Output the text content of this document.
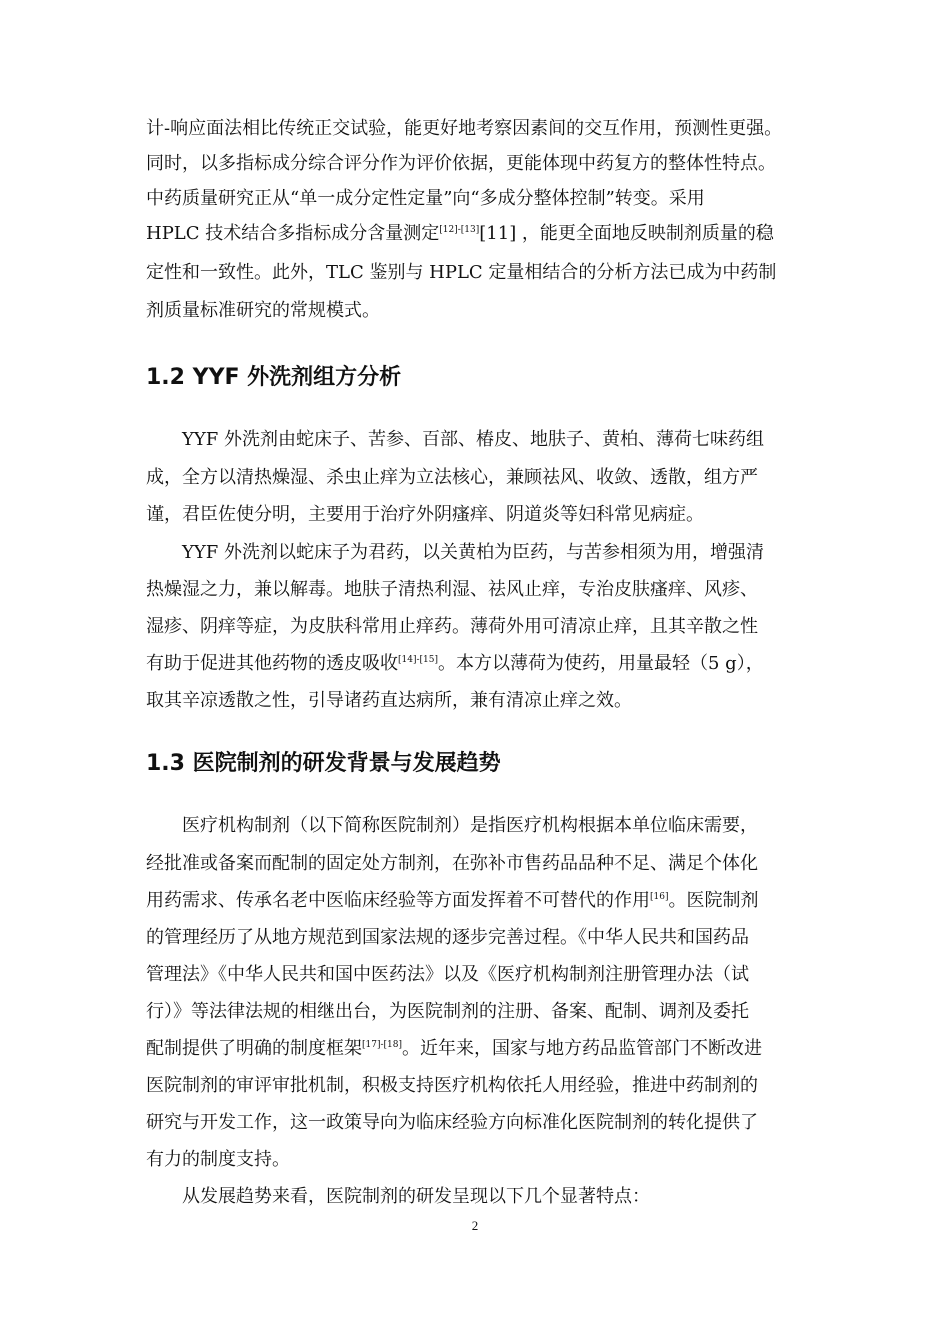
计-响应面法相比传统正交试验，能更好地考察因素间的交互作用，预测性更强。
同时，以多指标成分综合评分作为评价依据，更能体现中药复方的整体性特点。
中药质量研究正从“单一成分定性定量”向“多成分整体控制”转变。采用
HPLC 技术结合多指标成分含量测定[12]-[13][11] ，能更全面地反映制剂质量的稳
定性和一致性。此外，TLC 鉴别与 HPLC 定量相结合的分析方法已成为中药制
剂质量标准研究的常规模式。
1.2 YYF 外洗剂组方分析
YYF 外洗剂由蛇床子、苦参、百部、椿皮、地肤子、黄柏、薄荷七味药组
成，全方以清热燥湿、杀虫止痒为立法核心，兼顾祛风、收敛、透散，组方严
谨，君臣佐使分明，主要用于治疗外阴瘙痒、阴道炎等妇科常见病症。
YYF 外洗剂以蛇床子为君药，以关黄柏为臣药，与苦参相须为用，增强清
热燥湿之力，兼以解毒。地肤子清热利湿、祛风止痒，专治皮肤瘙痒、风疹、
湿疹、阴痒等症，为皮肤科常用止痒药。薄荷外用可清凉止痒，且其辛散之性
有助于促进其他药物的透皮吸收[14]-[15]。本方以薄荷为使药，用量最轻（5 g），
取其辛凉透散之性，引导诸药直达病所，兼有清凉止痒之效。
1.3 医院制剂的研发背景与发展趋势
医疗机构制剂（以下简称医院制剂）是指医疗机构根据本单位临床需要，
经批准或备案而配制的固定处方制剂，在弥补市售药品品种不足、满足个体化
用药需求、传承名老中医临床经验等方面发挥着不可替代的作用[16]。医院制剂
的管理经历了从地方规范到国家法规的逐步完善过程。《中华人民共和国药品
管理法》《中华人民共和国中医药法》以及《医疗机构制剂注册管理办法（试
行）》等法律法规的相继出台，为医院制剂的注册、备案、配制、调剂及委托
配制提供了明确的制度框架[17]-[18]。近年来，国家与地方药品监管部门不断改进
医院制剂的审评审批机制，积极支持医疗机构依托人用经验，推进中药制剂的
研究与开发工作，这一政策导向为临床经验方向标准化医院制剂的转化提供了
有力的制度支持。
从发展趋势来看，医院制剂的研发呈现以下几个显著特点：
2
